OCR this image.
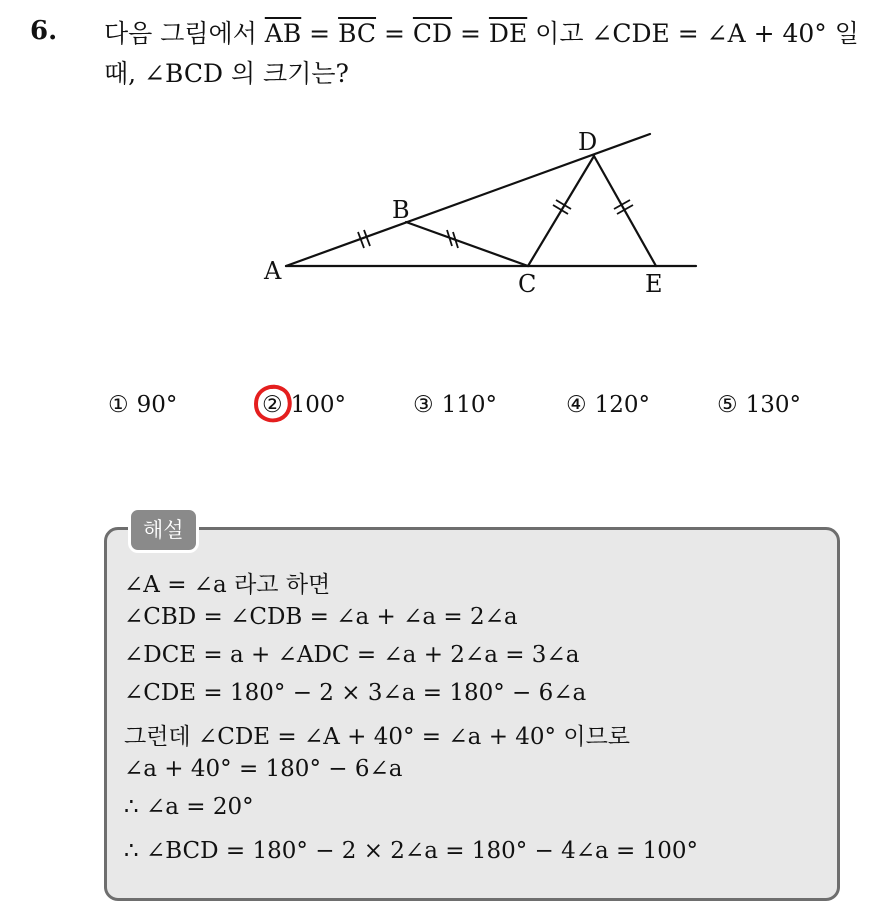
6. 다음 그림에서 $\overline{AB} = \overline{BC} = \overline{CD} = \overline{DE}$ 이고 ∠CDE = ∠A + 40° 일 때, ∠BCD 의 크기는?
A
B
C
D
E
① 90°	② 100°	③ 110°	④ 120°	⑤ 130°
해설
∠A = ∠a 라고 하면
∠CBD = ∠CDB = ∠a + ∠a = 2∠a
∠DCE = a + ∠ADC = ∠a + 2∠a = 3∠a
∠CDE = 180° − 2 × 3∠a = 180° − 6∠a
그런데 ∠CDE = ∠A + 40° = ∠a + 40° 이므로
∠a + 40° = 180° − 6∠a
∴ ∠a = 20°
∴ ∠BCD = 180° − 2 × 2∠a = 180° − 4∠a = 100°
